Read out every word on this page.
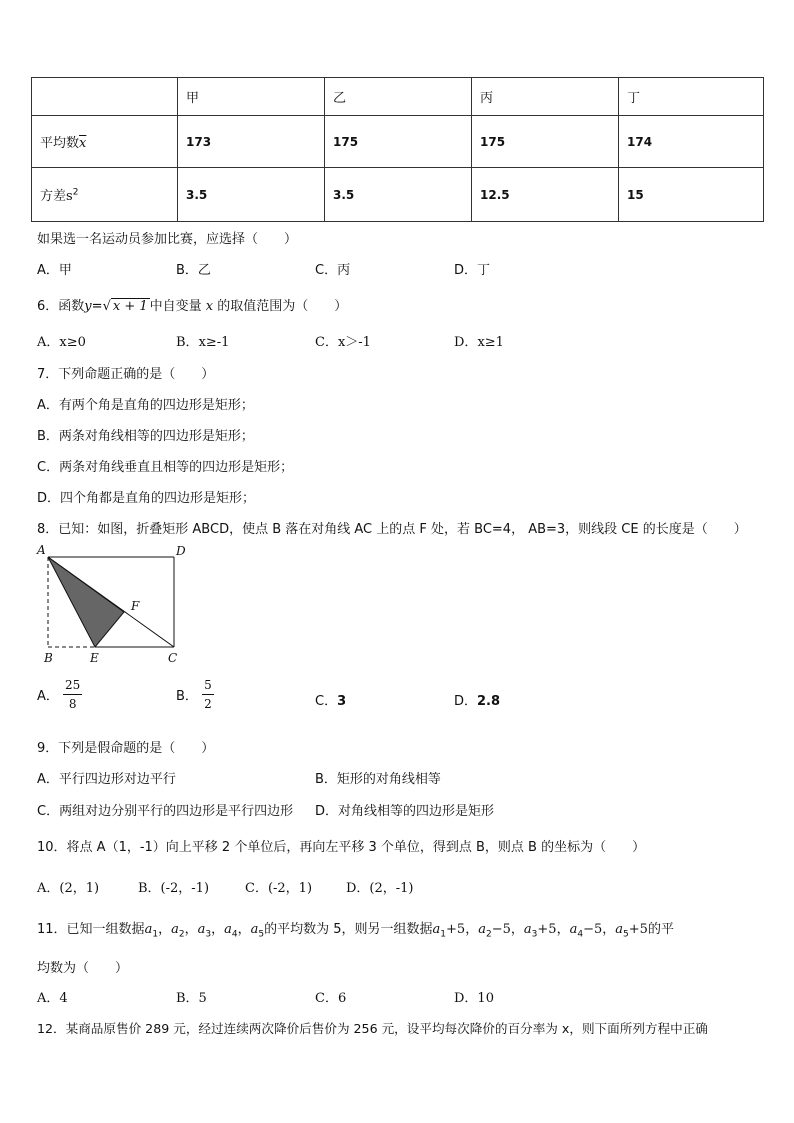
	甲	乙	丙	丁
平均数$\overline{x}$	173	175	175	174
方差$s^2$	3.5	3.5	12.5	15
如果选一名运动员参加比赛，应选择（　　）
A．甲	B．乙	C．丙	D．丁
6．函数y=√ x + 1 中自变量 x 的取值范围为（　　）
A．x≥0	B．x≥-1	C．x＞-1	D．x≥1
7．下列命题正确的是（　　）
A．有两个角是直角的四边形是矩形；
B．两条对角线相等的四边形是矩形；
C．两条对角线垂直且相等的四边形是矩形；
D．四个角都是直角的四边形是矩形；
8．已知：如图，折叠矩形 ABCD，使点 B 落在对角线 AC 上的点 F 处，若 BC=4， AB=3，则线段 CE 的长度是（　　）
A	D
F
B	E	C
A． $\frac{25}{8}$	B． $\frac{5}{2}$	C．3	D．2.8
9．下列是假命题的是（　　）
A．平行四边形对边平行	B．矩形的对角线相等
C．两组对边分别平行的四边形是平行四边形 D．对角线相等的四边形是矩形
10．将点 A（1，-1）向上平移 2 个单位后，再向左平移 3 个单位，得到点 B，则点 B 的坐标为（　　）
A．(2，1)	B．(-2，-1)	C．(-2，1)	D．(2，-1)
11．已知一组数据$a_1$，$a_2$，$a_3$，$a_4$，$a_5$的平均数为 5，则另一组数据$a_1+5$，$a_2-5$，$a_3+5$，$a_4-5$，$a_5+5$的平
均数为（　　）
A．4	B．5	C．6	D．10
12．某商品原售价 289 元，经过连续两次降价后售价为 256 元，设平均每次降价的百分率为 x，则下面所列方程中正确
